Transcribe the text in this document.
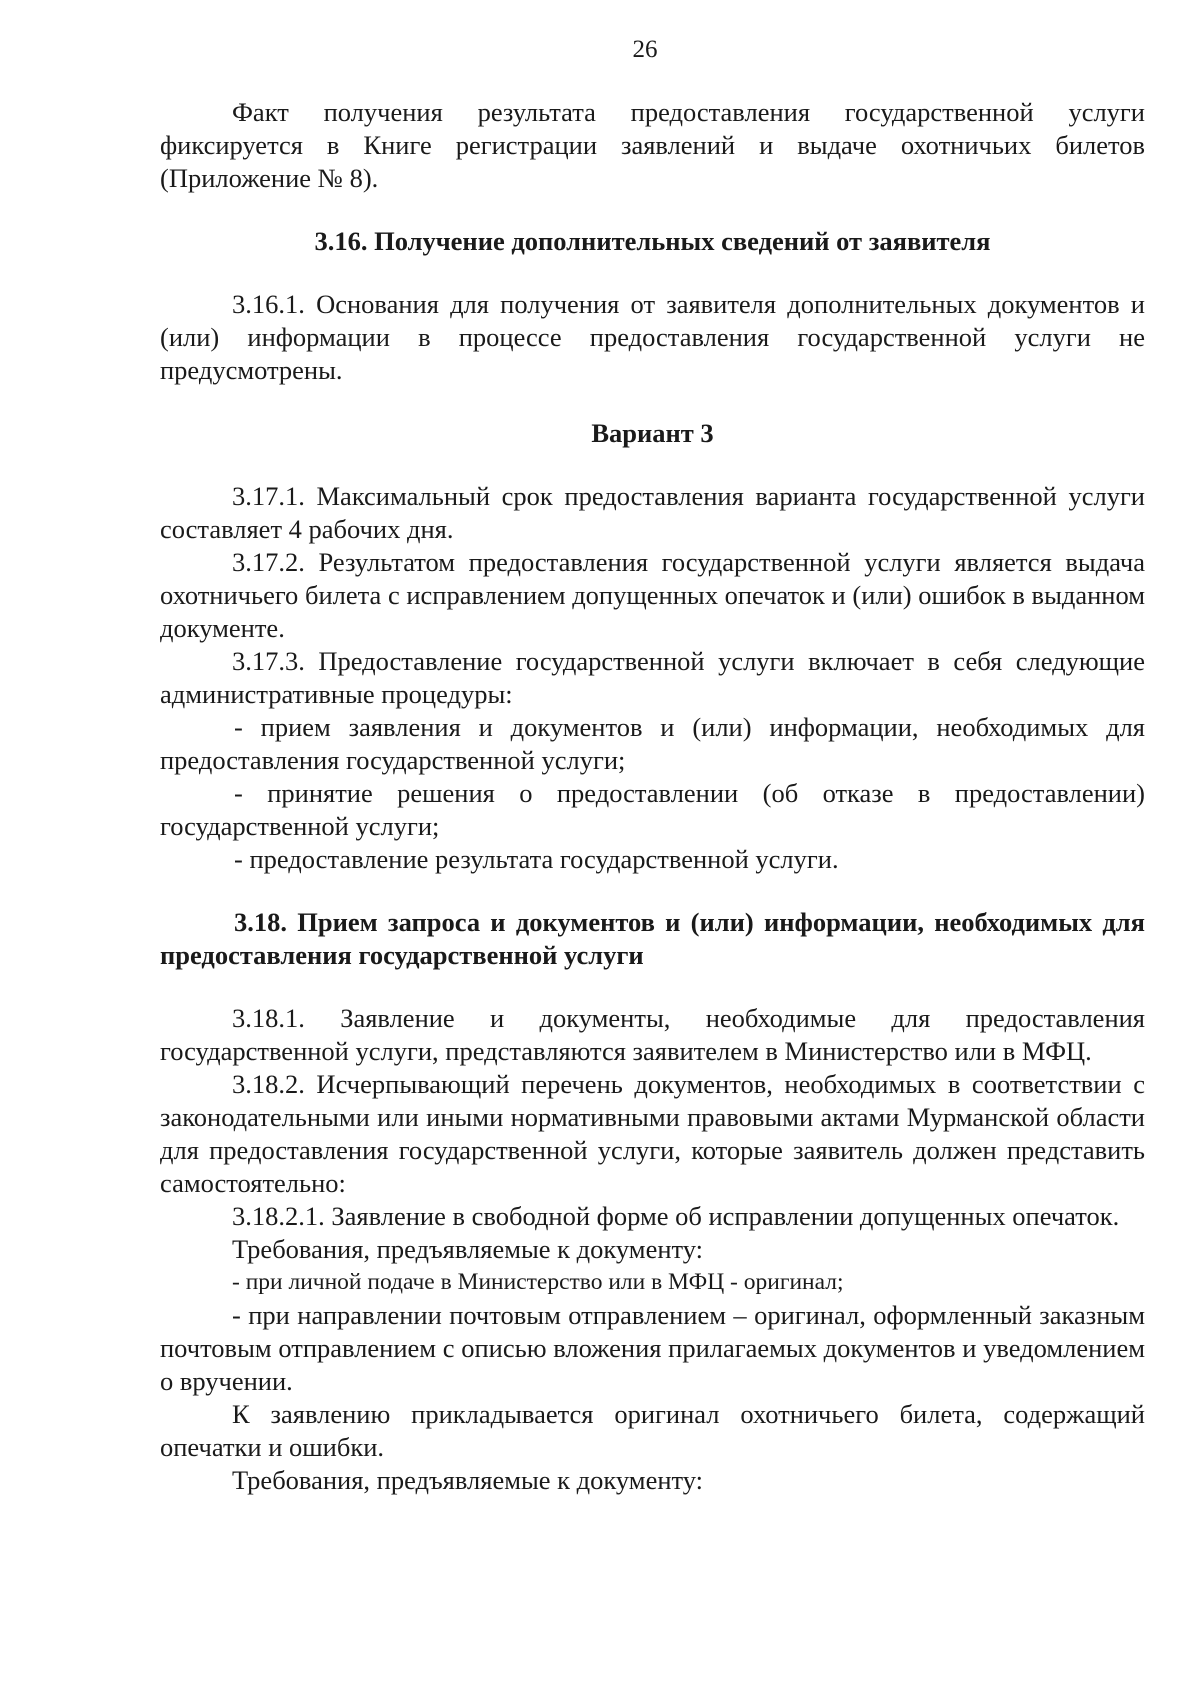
26

Факт получения результата предоставления государственной услуги фиксируется в Книге регистрации заявлений и выдаче охотничьих билетов (Приложение № 8).

3.16. Получение дополнительных сведений от заявителя

3.16.1. Основания для получения от заявителя дополнительных документов и (или) информации в процессе предоставления государственной услуги не предусмотрены.

Вариант 3

3.17.1. Максимальный срок предоставления варианта государственной услуги составляет 4 рабочих дня.

3.17.2. Результатом предоставления государственной услуги является выдача охотничьего билета с исправлением допущенных опечаток и (или) ошибок в выданном документе.

3.17.3. Предоставление государственной услуги включает в себя следующие административные процедуры:

- прием заявления и документов и (или) информации, необходимых для предоставления государственной услуги;

- принятие решения о предоставлении (об отказе в предоставлении) государственной услуги;

- предоставление результата государственной услуги.

3.18. Прием запроса и документов и (или) информации, необходимых для предоставления государственной услуги

3.18.1. Заявление и документы, необходимые для предоставления государственной услуги, представляются заявителем в Министерство или в МФЦ.

3.18.2. Исчерпывающий перечень документов, необходимых в соответствии с законодательными или иными нормативными правовыми актами Мурманской области для предоставления государственной услуги, которые заявитель должен представить самостоятельно:

3.18.2.1. Заявление в свободной форме об исправлении допущенных опечаток.

Требования, предъявляемые к документу:

- при личной подаче в Министерство или в МФЦ - оригинал;

- при направлении почтовым отправлением – оригинал, оформленный заказным почтовым отправлением с описью вложения прилагаемых документов и уведомлением о вручении.

К заявлению прикладывается оригинал охотничьего билета, содержащий опечатки и ошибки.

Требования, предъявляемые к документу:
